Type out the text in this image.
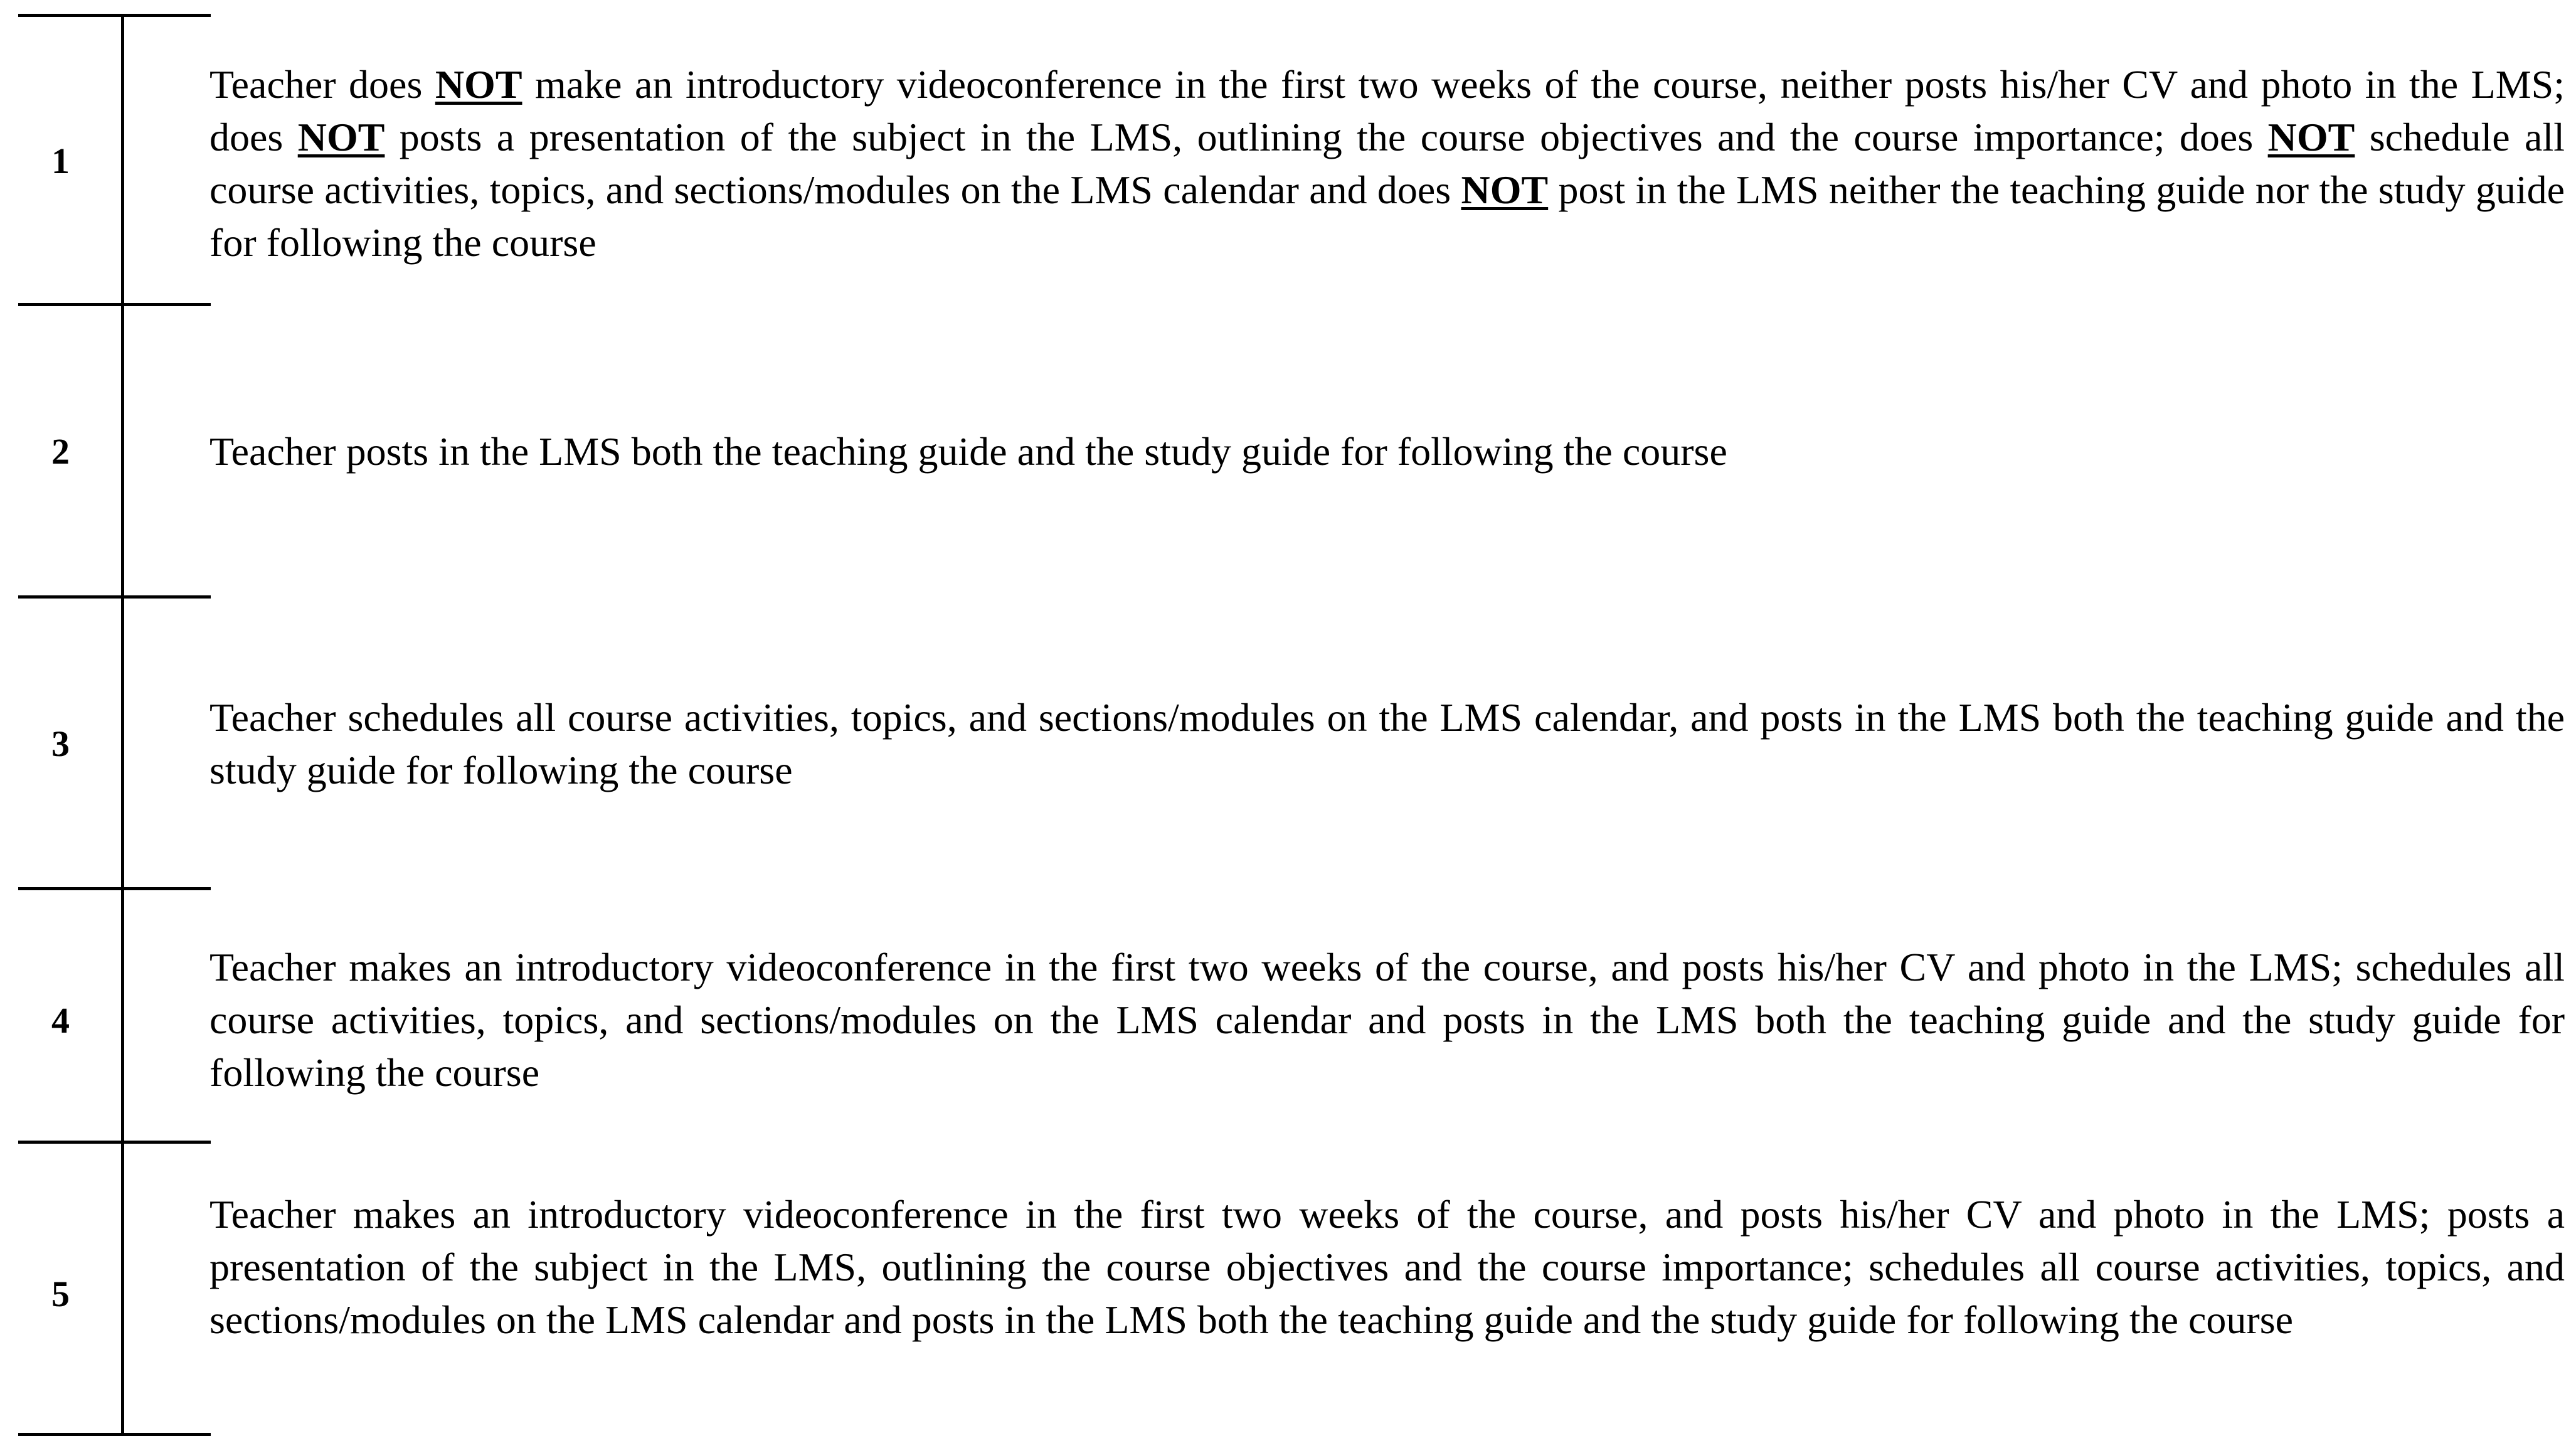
1
Teacher does NOT make an introductory videoconference in the first two weeks of the course, neither posts his/her CV and photo in the LMS; does NOT posts a presentation of the subject in the LMS, outlining the course objectives and the course importance; does NOT schedule all course activities, topics, and sections/modules on the LMS calendar and does NOT post in the LMS neither the teaching guide nor the study guide for following the course
2	Teacher posts in the LMS both the teaching guide and the study guide for following the course
3
Teacher schedules all course activities, topics, and sections/modules on the LMS calendar, and posts in the LMS both the teaching guide and the study guide for following the course
4
Teacher makes an introductory videoconference in the first two weeks of the course, and posts his/her CV and photo in the LMS; schedules all course activities, topics, and sections/modules on the LMS calendar and posts in the LMS both the teaching guide and the study guide for following the course
5
Teacher makes an introductory videoconference in the first two weeks of the course, and posts his/her CV and photo in the LMS; posts a presentation of the subject in the LMS, outlining the course objectives and the course importance; schedules all course activities, topics, and sections/modules on the LMS calendar and posts in the LMS both the teaching guide and the study guide for following the course
